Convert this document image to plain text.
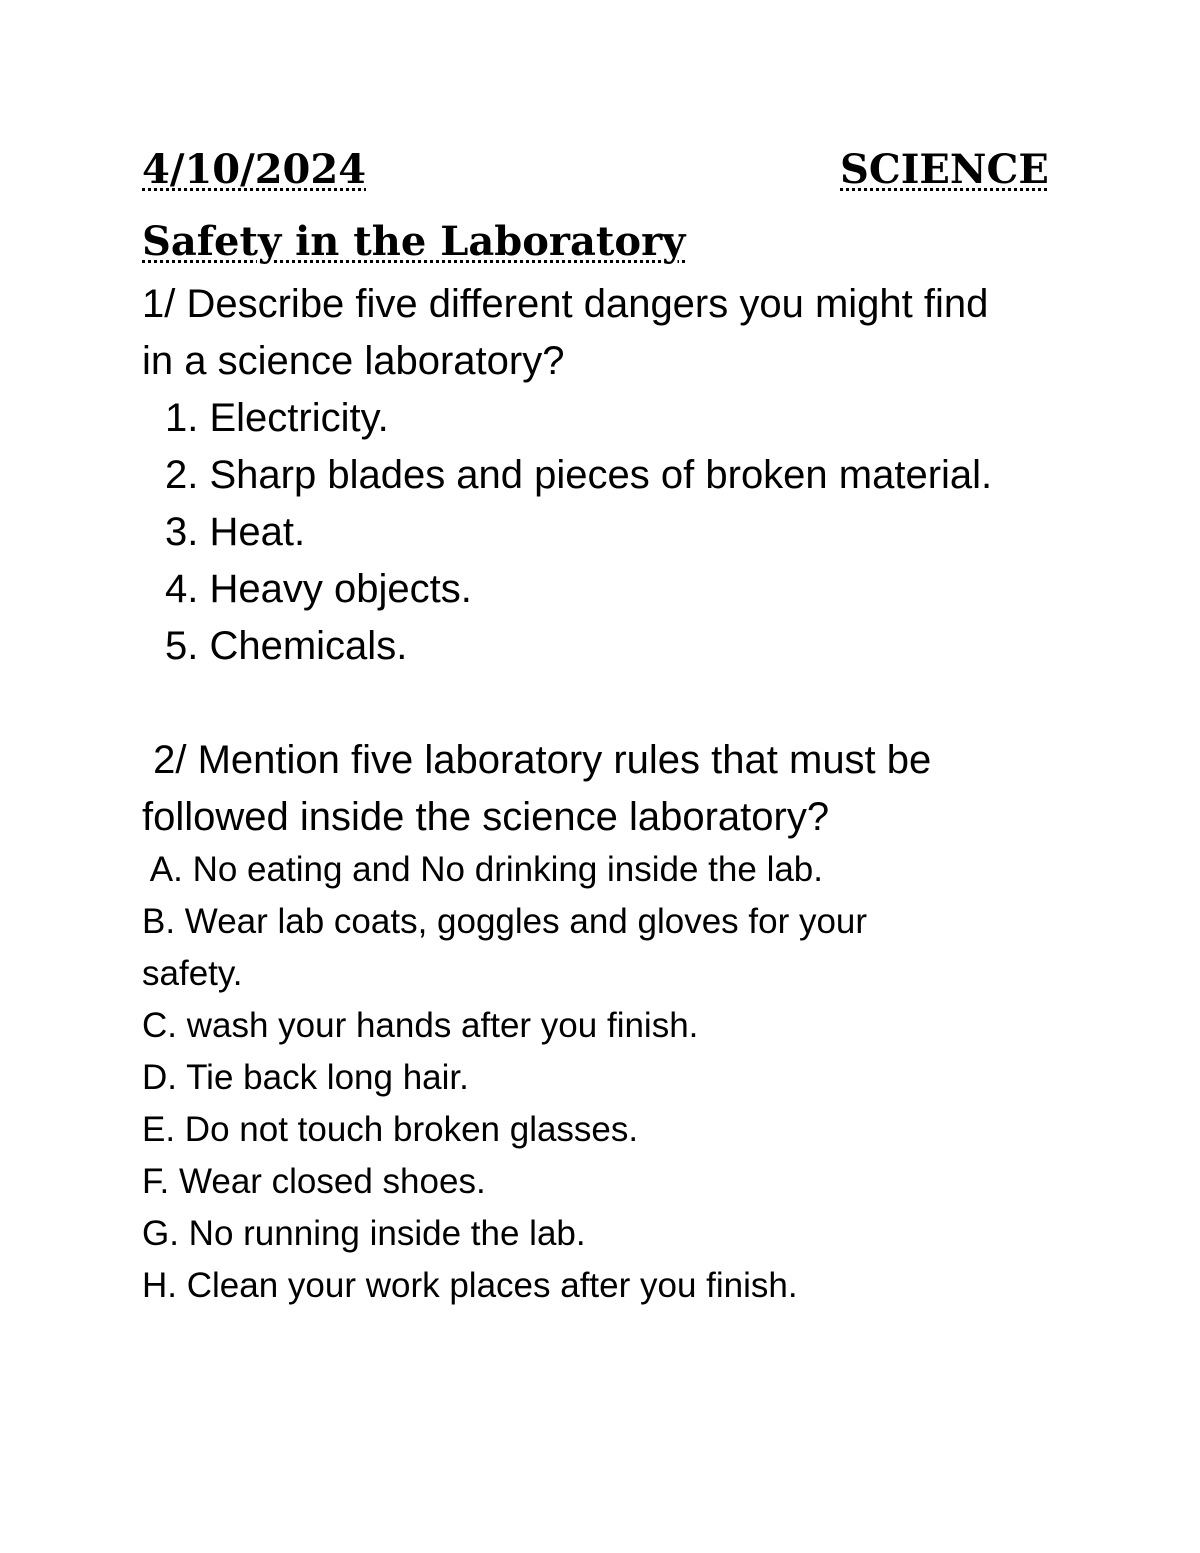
4/10/2024	SCIENCE
Safety in the Laboratory
1/ Describe five different dangers you might find
in a science laboratory?
1. Electricity.
2. Sharp blades and pieces of broken material.
3. Heat.
4. Heavy objects.
5. Chemicals.
2/ Mention five laboratory rules that must be
followed inside the science laboratory?
A. No eating and No drinking inside the lab.
B. Wear lab coats, goggles and gloves for your
safety.
C. wash your hands after you finish.
D. Tie back long hair.
E. Do not touch broken glasses.
F. Wear closed shoes.
G. No running inside the lab.
H. Clean your work places after you finish.
